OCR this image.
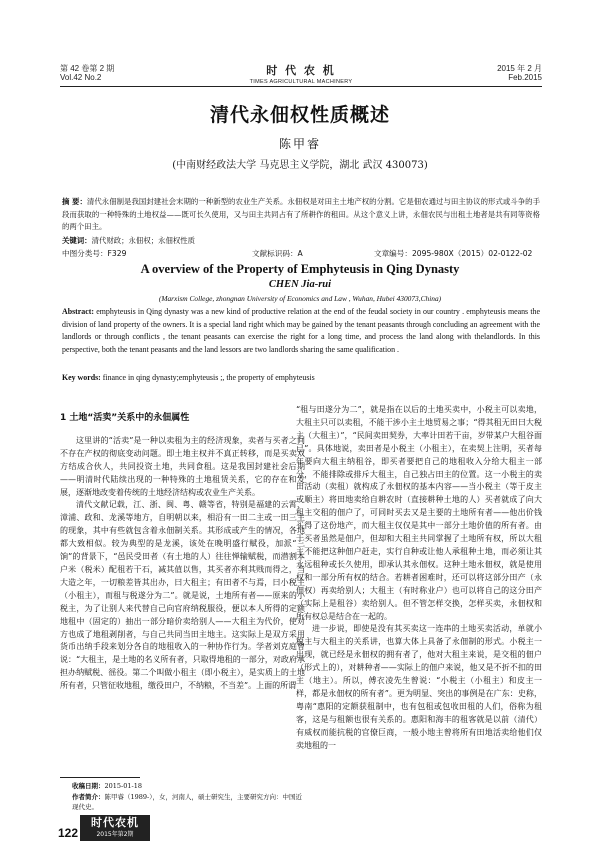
第 42 卷第 2 期
Vol.42 No.2
时 代 农 机
TIMES AGRICULTURAL MACHINERY
2015 年 2 月
Feb.2015
清代永佃权性质概述
陈甲睿
(中南财经政法大学 马克思主义学院，湖北 武汉 430073)
摘 要：清代永佃制是我国封建社会末期的一种新型的农业生产关系。永佃权是对田主土地产权的分割。它是佃农通过与田主协议的形式或斗争的手段而获取的一种特殊的土地权益——既可长久使用，又与田主共同占有了所耕作的租田。从这个意义上讲，永佃农民与出租土地者是共有同等资格的两个田主。
关键词：清代财政；永佃权；永佃权性质
中图分类号：F329	文献标识码：A	文章编号：2095-980X（2015）02-0122-02
A overview of the Property of Emphyteusis in Qing Dynasty
CHEN Jia-rui
(Marxism College, zhongnan University of Economics and Law , Wuhan, Hubei 430073,China)
Abstract: emphyteusis in Qing dynasty was a new kind of productive relation at the end of the feudal society in our country . emphyteusis means the division of land property of the owners. It is a special land right which may be gained by the tenant peasants through concluding an agreement with the landlords or through conflicts , the tenant peasants can exercise the right for a long time, and process the land along with thelandlords. In this perspective, both the tenant peasants and the land lessors are two landlords sharing the same qualification .
Key words: finance in qing dynasty;emphyteusis ;, the property of emphyteusis
1 土地“活卖”关系中的永佃属性

这里讲的“活卖”是一种以卖租为主的经济现象，卖者与买者之间不存在产权的彻底变动问题。即土地主权并不真正转移，而是买卖双方结成合伙人，共同投资土地，共同食租。这是我国封建社会后期——明清时代陆续出现的一种特殊的土地租赁关系，它的存在和发展，逐渐地改变着传统的土地经济结构或农业生产关系。

清代文献记载，江、浙、闽、粤、赣等省，特别是福建的云霄、漳浦、政和、龙溪等地方，自明朝以来，相沿有一田二主或一田三主的现象，其中有些就包含着永佃制关系。其形成或产生的情况，各地都大致相似。较为典型的是龙溪，该处在晚明盛行赋役，加派“三饷”的背景下，“邑民受田者（有土地的人）往往惮输赋税，而潜割本户米（税米）配租若干石，减其值以售，其买者亦利其贱而得之，当大造之年，一切粮差皆其出办，曰大租主；有田者不与焉，曰小税主（小租主），而租与税遂分为二”。就是说，土地所有者——原来的小税主，为了让别人来代替自己向官府纳税服役，便以本人所得的定额地租中（固定的）抽出一部分暗价卖给别人——大租主为代价，使对方也成了地租剥削者，与自己共同当田主地主。这实际上是双方采用货币出纳手段来划分各自的地租收入的一种协作行为。学者刘克庭曾说：“大租主，是土地的名义所有者，只取得地租的一部分，对政府承担办纳赋税、徭役。第二个叫做小租主（即小税主），是实质上的土地所有者，只管征收地租，缴役田户，不纳粮，不当差”。上面的所谓

“租与田遂分为二”，就是指在以后的土地买卖中，小税主可以卖地，大租主只可以卖租，不能干涉小主土地贸易之事；“得其租无田曰大税主（大租主）”，“民间卖田契券，大率计田若干亩，岁带某户大租谷面已”。具体地说，卖田者是小税主（小租主），在卖契上注明，买者每年要向大租主纳租谷，即买者要把自己的地租收入分给大租主一部分，不能排除或排斥大租主，自己独占田主的位置。这一小税主的卖田活动（卖租）就构成了永佃权的基本内容——当小税主（等于皮主或顺主）将田地卖给自耕农时（直接耕种土地的人）买者就成了向大租主交租的佃户了，可同时买去又是主要的土地所有者——他出价钱买得了这份地产，而大租主仅仅是其中一部分土地价值的所有者。由于买者虽然是佃户，但却和大租主共同掌握了土地所有权，所以大租主不能把这种佃户赶走，实行自种或让他人承租种土地，而必须让其永远租种或长久使用，即承认其永佃权。这种土地永佃权，就是使用权和一部分所有权的结合。若耕者困难时，还可以将这部分田产（永佃权）再卖给别人；大租主（有时称业户）也可以将自己的这分田产（实际上是租谷）卖给别人。但不管怎样交换，怎样买卖，永佃权和所有权总是结合在一起的。

进一步说，即使是没有其买卖这一连串的土地买卖活动，单就小税主与大租主的关系讲，也算大体上具备了永佃制的形式。小税主一出现，就已经是永佃权的拥有者了，他对大租主来说，是交租的佃户（形式上的），对耕种者——实际上的佃户来说，他又是不折不扣的田主（地主）。所以，傅衣凌先生曾说：“小税主（小租主）和皮主一样，都是永佃权的所有者”。更为明显、突出的事例是在广东：史称，粤南“惠阳的定额获租制中，也有包租或包收田租的人们，俗称为租客，这是与租额也很有关系的。惠阳和海丰的租客就是以前（清代）有威权而能抗税的官僚巨商，一般小地主曾将所有田地活卖给他们仅卖地租的一

收稿日期：2015-01-18
作者简介：陈甲睿（1989-），女，河南人，硕士研究生，主要研究方向：中国近现代史。
122
时代农机
2015年第2期
